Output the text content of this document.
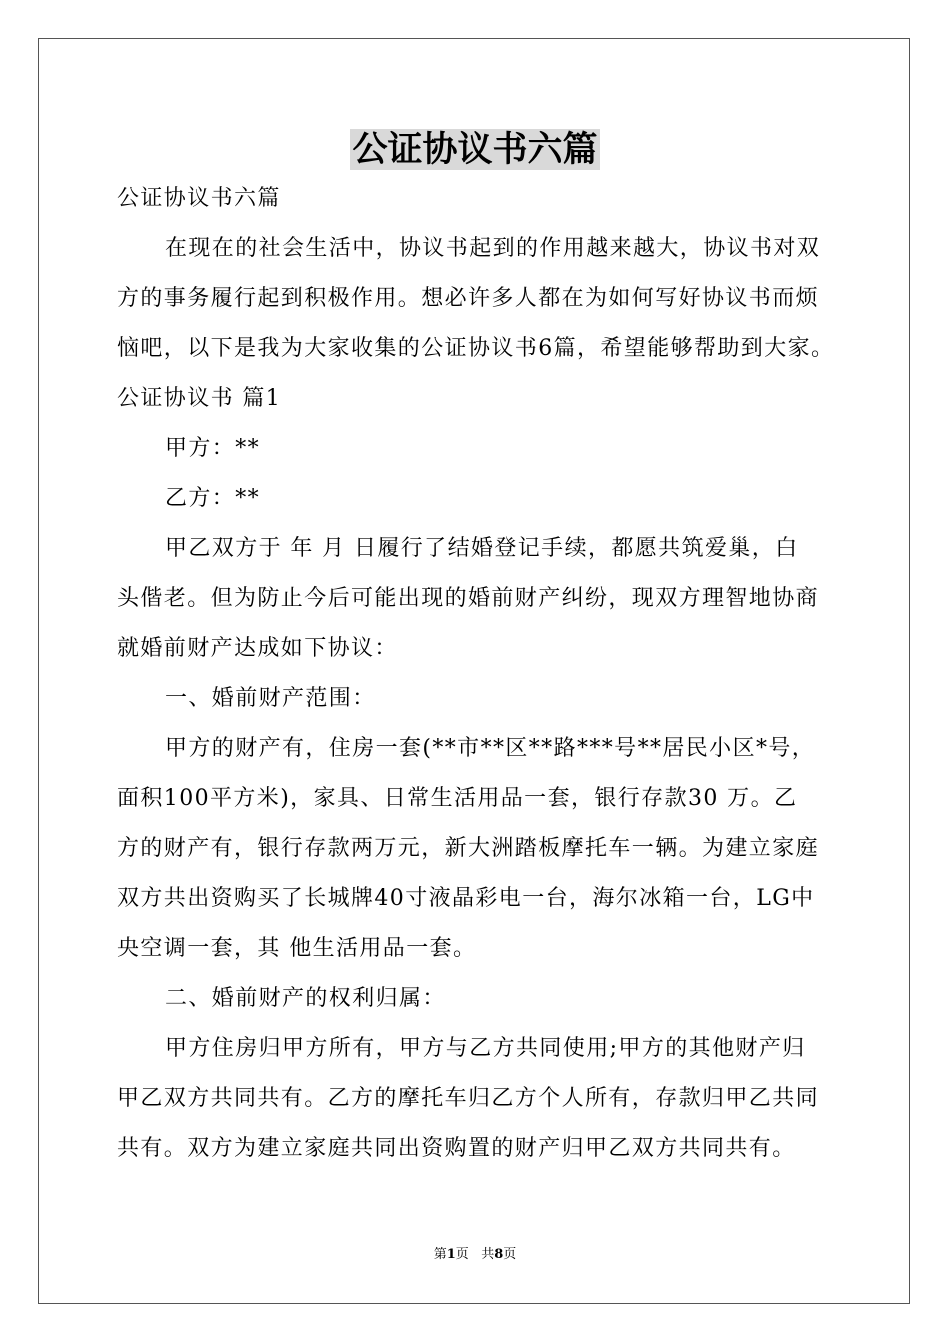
公证协议书六篇
公证协议书六篇
在现在的社会生活中，协议书起到的作用越来越大，协议书对双
方的事务履行起到积极作用。想必许多人都在为如何写好协议书而烦
恼吧，以下是我为大家收集的公证协议书6篇，希望能够帮助到大家。
公证协议书 篇1
甲方：**
乙方：**
甲乙双方于 年 月 日履行了结婚登记手续，都愿共筑爱巢，白
头偕老。但为防止今后可能出现的婚前财产纠纷，现双方理智地协商
就婚前财产达成如下协议：
一、婚前财产范围：
甲方的财产有，住房一套(**市**区**路***号**居民小区*号，
面积100平方米)，家具、日常生活用品一套，银行存款30 万。乙
方的财产有，银行存款两万元，新大洲踏板摩托车一辆。为建立家庭
双方共出资购买了长城牌40寸液晶彩电一台，海尔冰箱一台，LG中
央空调一套，其 他生活用品一套。
二、婚前财产的权利归属：
甲方住房归甲方所有，甲方与乙方共同使用;甲方的其他财产归
甲乙双方共同共有。乙方的摩托车归乙方个人所有，存款归甲乙共同
共有。双方为建立家庭共同出资购置的财产归甲乙双方共同共有。
第1页 共8页
